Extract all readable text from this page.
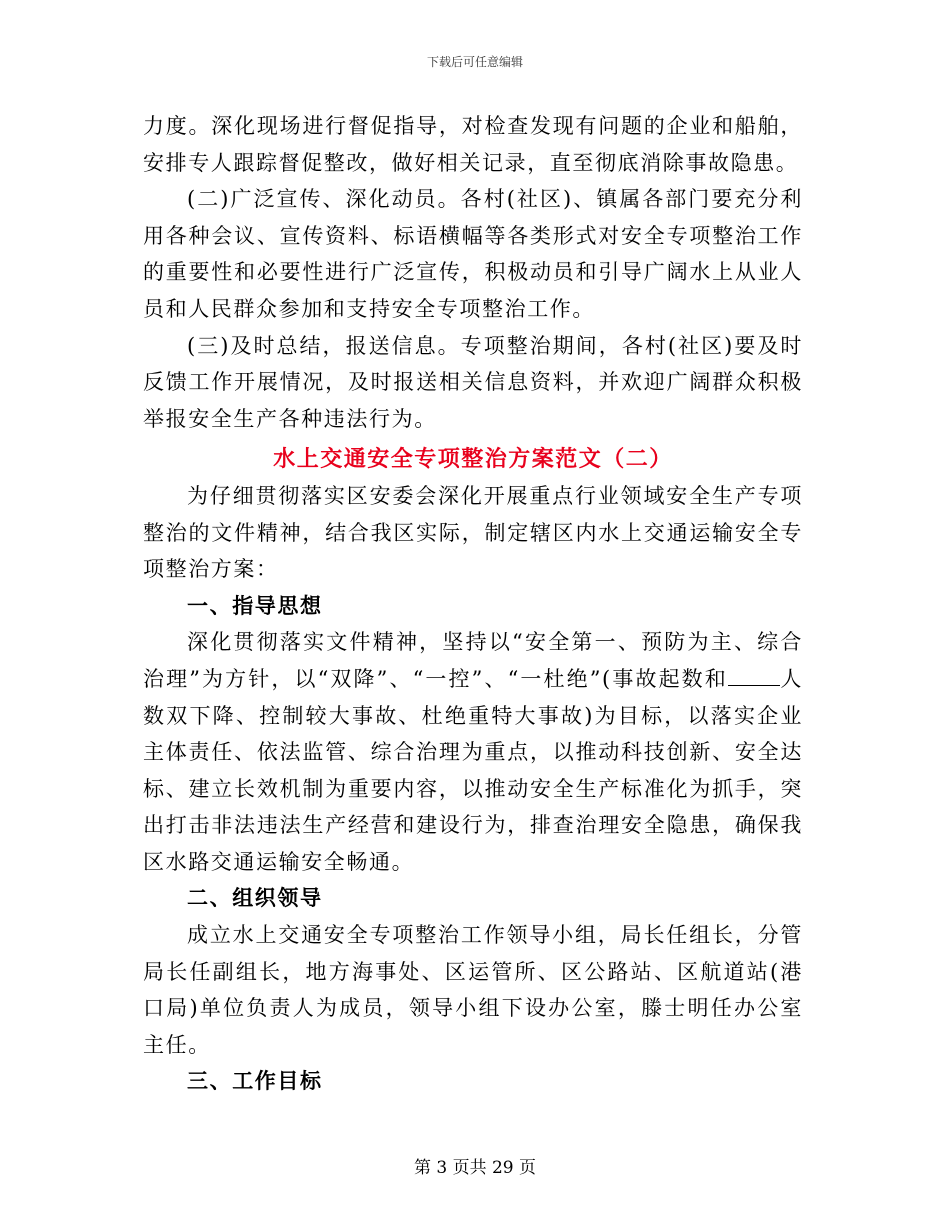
下载后可任意编辑

力度。深化现场进行督促指导，对检查发现有问题的企业和船舶，安排专人跟踪督促整改，做好相关记录，直至彻底消除事故隐患。

(二)广泛宣传、深化动员。各村(社区)、镇属各部门要充分利用各种会议、宣传资料、标语横幅等各类形式对安全专项整治工作的重要性和必要性进行广泛宣传，积极动员和引导广阔水上从业人员和人民群众参加和支持安全专项整治工作。

(三)及时总结，报送信息。专项整治期间，各村(社区)要及时反馈工作开展情况，及时报送相关信息资料，并欢迎广阔群众积极举报安全生产各种违法行为。

水上交通安全专项整治方案范文（二）

为仔细贯彻落实区安委会深化开展重点行业领域安全生产专项整治的文件精神，结合我区实际，制定辖区内水上交通运输安全专项整治方案：

一、指导思想

深化贯彻落实文件精神，坚持以“安全第一、预防为主、综合治理”为方针，以“双降”、“一控”、“一杜绝”(事故起数和 人数双下降、控制较大事故、杜绝重特大事故)为目标，以落实企业主体责任、依法监管、综合治理为重点，以推动科技创新、安全达标、建立长效机制为重要内容，以推动安全生产标准化为抓手，突出打击非法违法生产经营和建设行为，排查治理安全隐患，确保我区水路交通运输安全畅通。

二、组织领导

成立水上交通安全专项整治工作领导小组，局长任组长，分管局长任副组长，地方海事处、区运管所、区公路站、区航道站(港口局)单位负责人为成员，领导小组下设办公室，滕士明任办公室主任。

三、工作目标

第 3 页共 29 页
